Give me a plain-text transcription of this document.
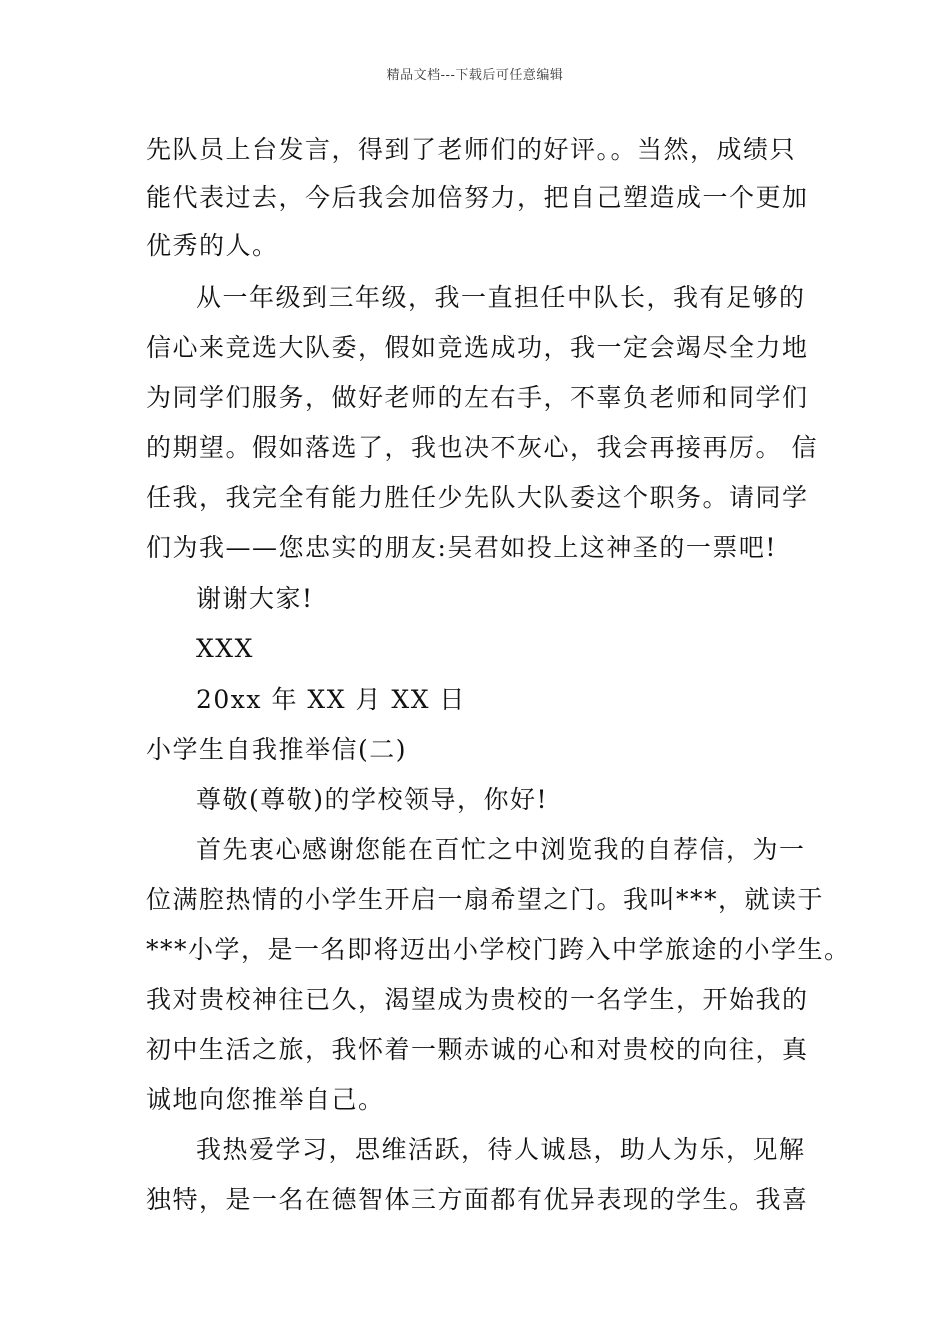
精品文档---下载后可任意编辑
先队员上台发言，得到了老师们的好评。。当然，成绩只
能代表过去，今后我会加倍努力，把自己塑造成一个更加
优秀的人。
从一年级到三年级，我一直担任中队长，我有足够的
信心来竞选大队委，假如竞选成功，我一定会竭尽全力地
为同学们服务，做好老师的左右手，不辜负老师和同学们
的期望。假如落选了，我也决不灰心，我会再接再厉。 信
任我，我完全有能力胜任少先队大队委这个职务。请同学
们为我——您忠实的朋友:吴君如投上这神圣的一票吧!
谢谢大家!
XXX
20xx 年 XX 月 XX 日
小学生自我推举信(二)
尊敬(尊敬)的学校领导，你好!
首先衷心感谢您能在百忙之中浏览我的自荐信，为一
位满腔热情的小学生开启一扇希望之门。我叫***，就读于
***小学，是一名即将迈出小学校门跨入中学旅途的小学生。
我对贵校神往已久，渴望成为贵校的一名学生，开始我的
初中生活之旅，我怀着一颗赤诚的心和对贵校的向往，真
诚地向您推举自己。
我热爱学习，思维活跃，待人诚恳，助人为乐，见解
独特，是一名在德智体三方面都有优异表现的学生。我喜
